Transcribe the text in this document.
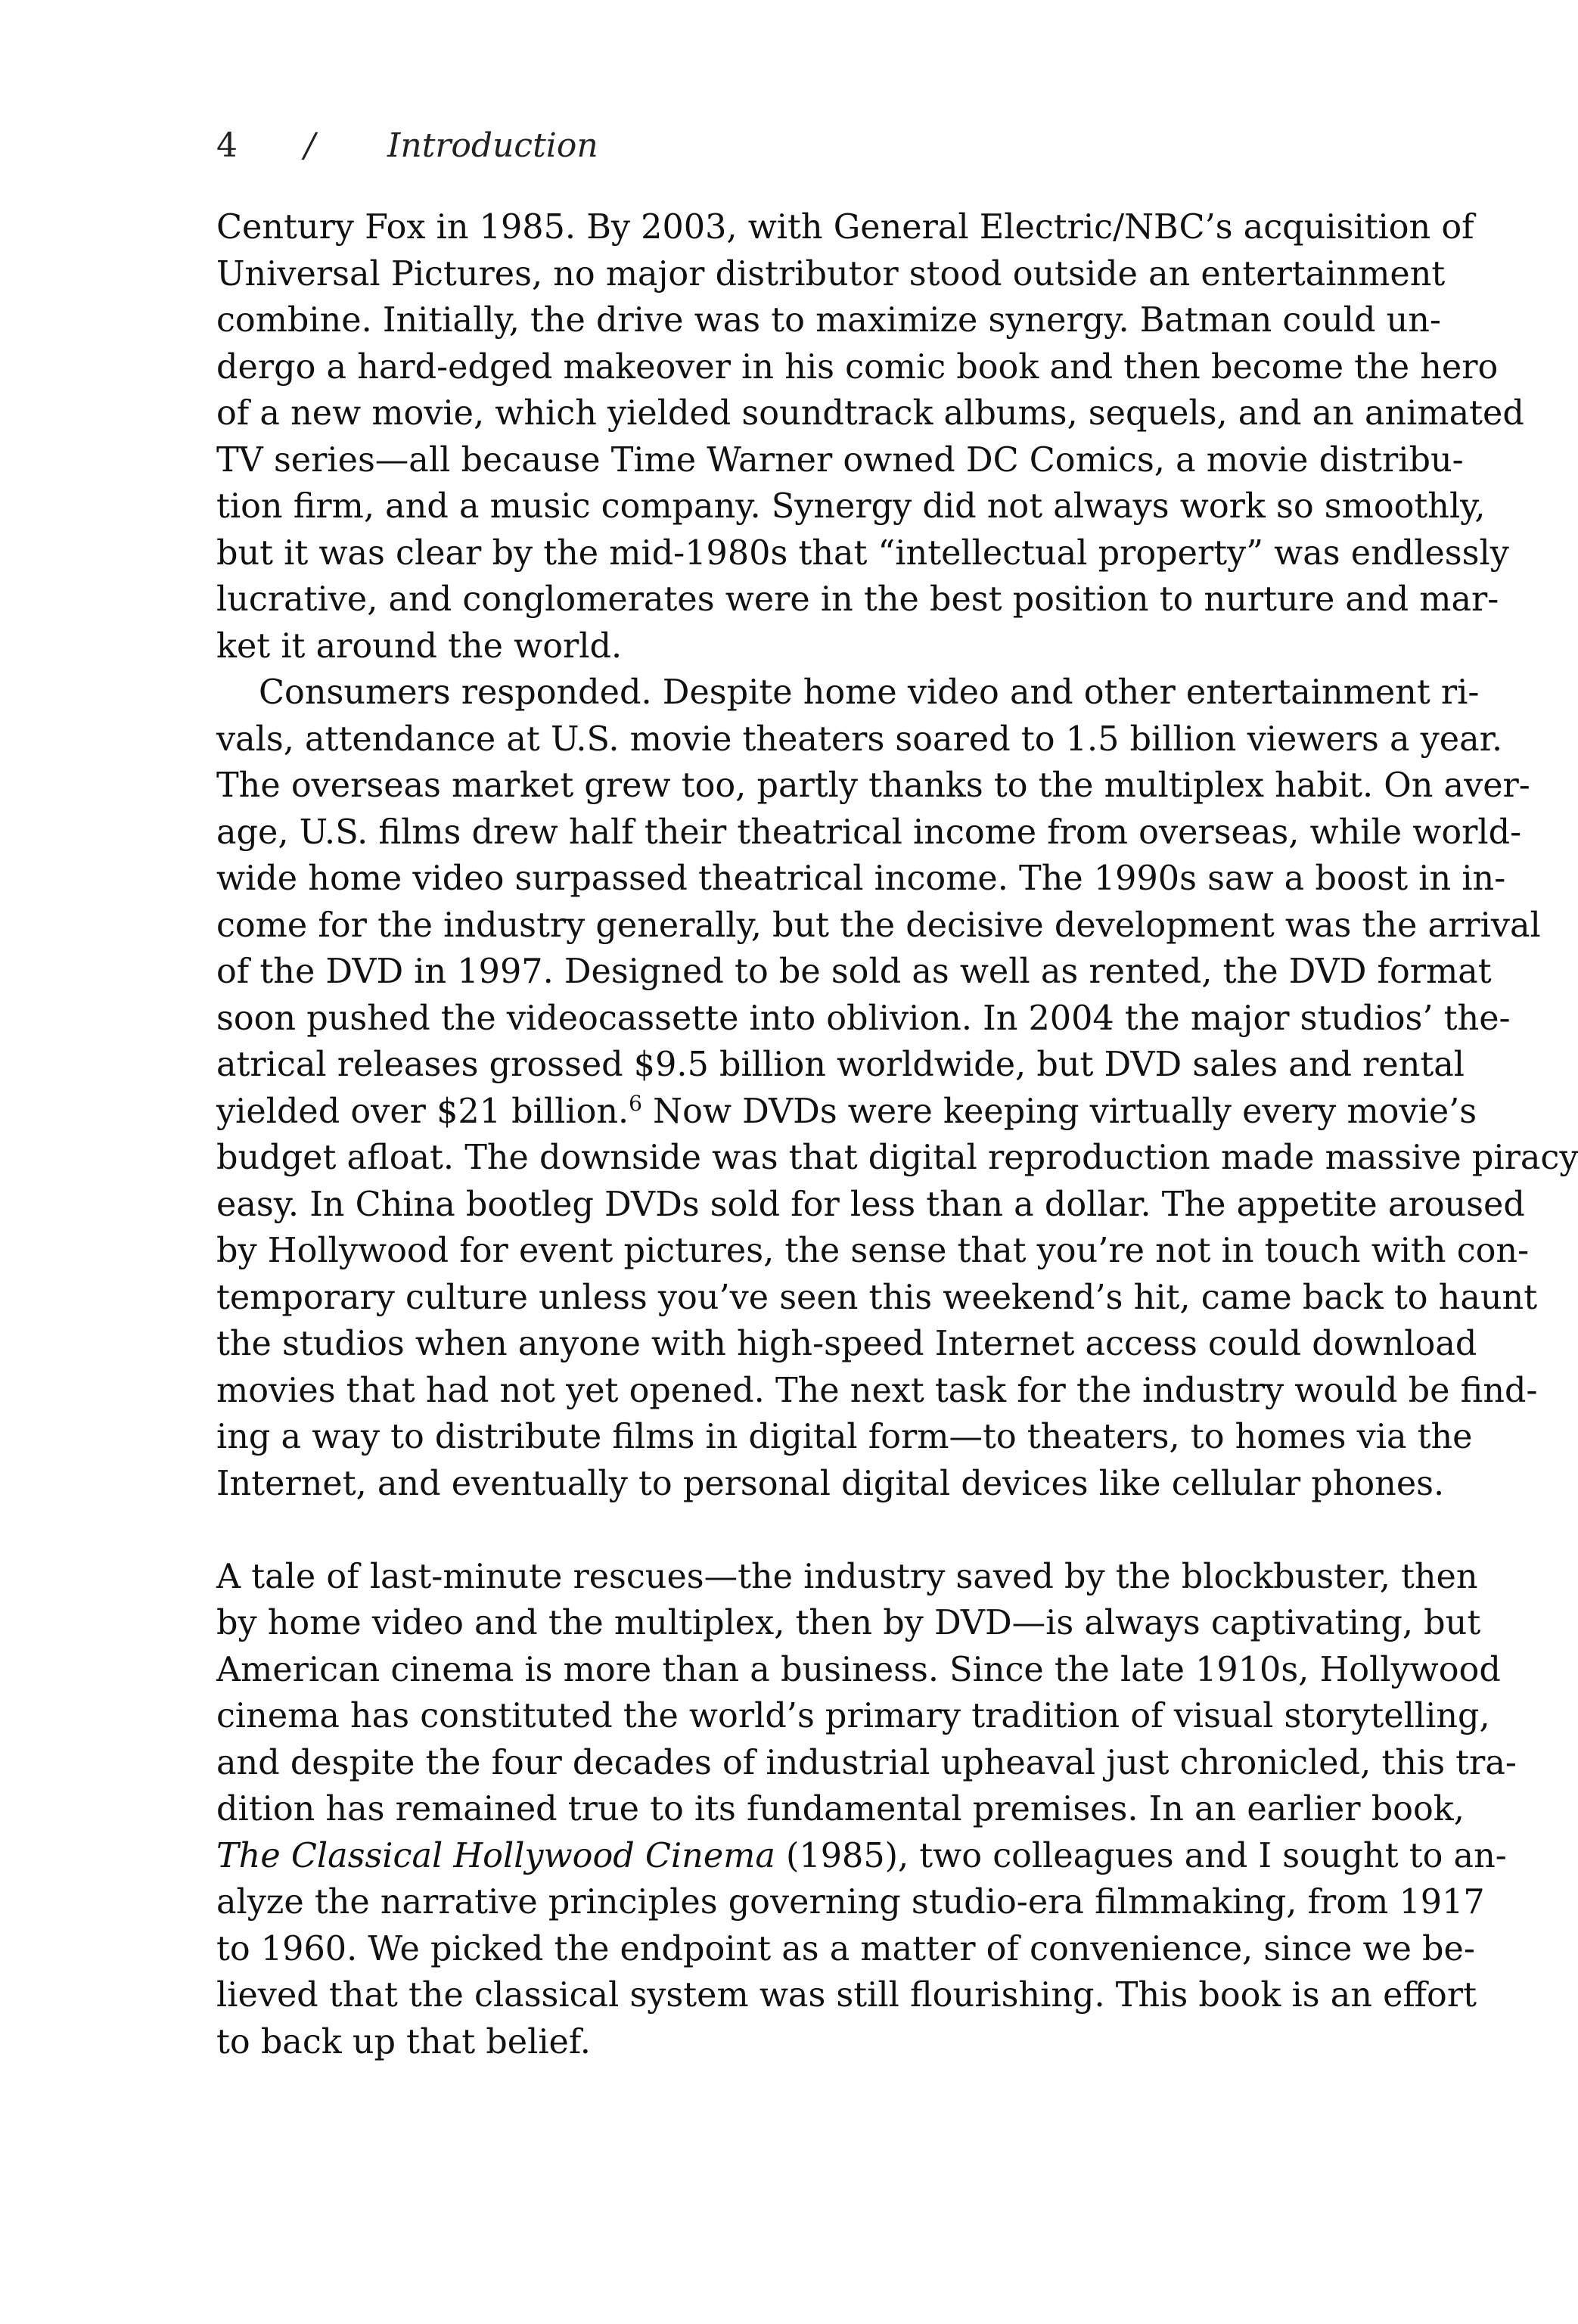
4 / Introduction
Century Fox in 1985. By 2003, with General Electric/NBC’s acquisition of
Universal Pictures, no major distributor stood outside an entertainment
combine. Initially, the drive was to maximize synergy. Batman could un-
dergo a hard-edged makeover in his comic book and then become the hero
of a new movie, which yielded soundtrack albums, sequels, and an animated
TV series—all because Time Warner owned DC Comics, a movie distribu-
tion firm, and a music company. Synergy did not always work so smoothly,
but it was clear by the mid-1980s that “intellectual property” was endlessly
lucrative, and conglomerates were in the best position to nurture and mar-
ket it around the world.
Consumers responded. Despite home video and other entertainment ri-
vals, attendance at U.S. movie theaters soared to 1.5 billion viewers a year.
The overseas market grew too, partly thanks to the multiplex habit. On aver-
age, U.S. films drew half their theatrical income from overseas, while world-
wide home video surpassed theatrical income. The 1990s saw a boost in in-
come for the industry generally, but the decisive development was the arrival
of the DVD in 1997. Designed to be sold as well as rented, the DVD format
soon pushed the videocassette into oblivion. In 2004 the major studios’ the-
atrical releases grossed $9.5 billion worldwide, but DVD sales and rental
yielded over $21 billion.$^6$ Now DVDs were keeping virtually every movie’s
budget afloat. The downside was that digital reproduction made massive piracy
easy. In China bootleg DVDs sold for less than a dollar. The appetite aroused
by Hollywood for event pictures, the sense that you’re not in touch with con-
temporary culture unless you’ve seen this weekend’s hit, came back to haunt
the studios when anyone with high-speed Internet access could download
movies that had not yet opened. The next task for the industry would be find-
ing a way to distribute films in digital form—to theaters, to homes via the
Internet, and eventually to personal digital devices like cellular phones.
A tale of last-minute rescues—the industry saved by the blockbuster, then
by home video and the multiplex, then by DVD—is always captivating, but
American cinema is more than a business. Since the late 1910s, Hollywood
cinema has constituted the world’s primary tradition of visual storytelling,
and despite the four decades of industrial upheaval just chronicled, this tra-
dition has remained true to its fundamental premises. In an earlier book,
The Classical Hollywood Cinema (1985), two colleagues and I sought to an-
alyze the narrative principles governing studio-era filmmaking, from 1917
to 1960. We picked the endpoint as a matter of convenience, since we be-
lieved that the classical system was still flourishing. This book is an effort
to back up that belief.
